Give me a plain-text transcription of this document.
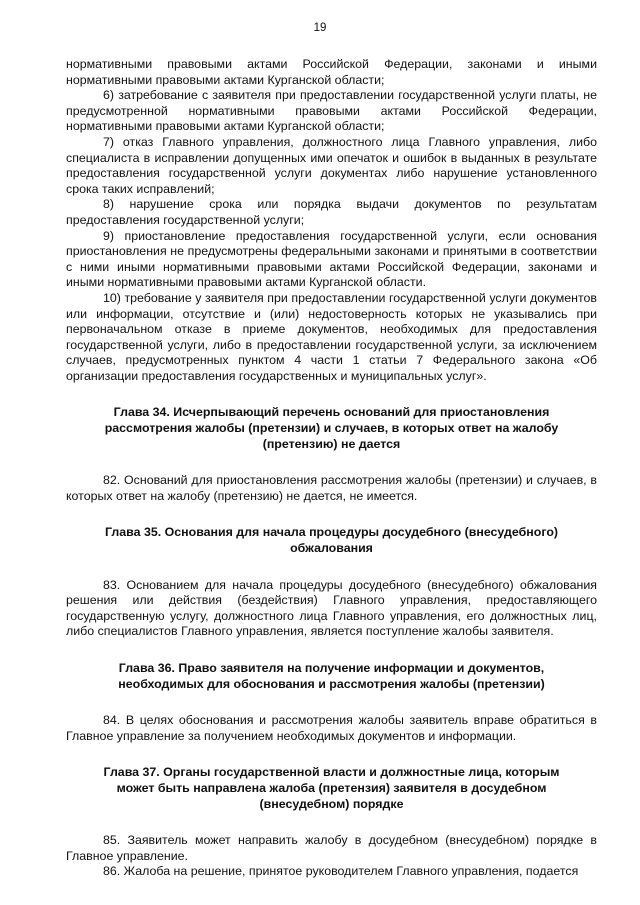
19

нормативными правовыми актами Российской Федерации, законами и иными нормативными правовыми актами Курганской области;

6) затребование с заявителя при предоставлении государственной услуги платы, не предусмотренной нормативными правовыми актами Российской Федерации, нормативными правовыми актами Курганской области;

7) отказ Главного управления, должностного лица Главного управления, либо специалиста в исправлении допущенных ими опечаток и ошибок в выданных в результате предоставления государственной услуги документах либо нарушение установленного срока таких исправлений;

8) нарушение срока или порядка выдачи документов по результатам предоставления государственной услуги;

9) приостановление предоставления государственной услуги, если основания приостановления не предусмотрены федеральными законами и принятыми в соответствии с ними иными нормативными правовыми актами Российской Федерации, законами и иными нормативными правовыми актами Курганской области.

10) требование у заявителя при предоставлении государственной услуги документов или информации, отсутствие и (или) недостоверность которых не указывались при первоначальном отказе в приеме документов, необходимых для предоставления государственной услуги, либо в предоставлении государственной услуги, за исключением случаев, предусмотренных пунктом 4 части 1 статьи 7 Федерального закона «Об организации предоставления государственных и муниципальных услуг».

Глава 34. Исчерпывающий перечень оснований для приостановления рассмотрения жалобы (претензии) и случаев, в которых ответ на жалобу (претензию) не дается

82. Оснований для приостановления рассмотрения жалобы (претензии) и случаев, в которых ответ на жалобу (претензию) не дается, не имеется.

Глава 35. Основания для начала процедуры досудебного (внесудебного) обжалования

83. Основанием для начала процедуры досудебного (внесудебного) обжалования решения или действия (бездействия) Главного управления, предоставляющего государственную услугу, должностного лица Главного управления, его должностных лиц, либо специалистов Главного управления, является поступление жалобы заявителя.

Глава 36. Право заявителя на получение информации и документов, необходимых для обоснования и рассмотрения жалобы (претензии)

84. В целях обоснования и рассмотрения жалобы заявитель вправе обратиться в Главное управление за получением необходимых документов и информации.

Глава 37. Органы государственной власти и должностные лица, которым может быть направлена жалоба (претензия) заявителя в досудебном (внесудебном) порядке

85. Заявитель может направить жалобу в досудебном (внесудебном) порядке в Главное управление.

86. Жалоба на решение, принятое руководителем Главного управления, подается
